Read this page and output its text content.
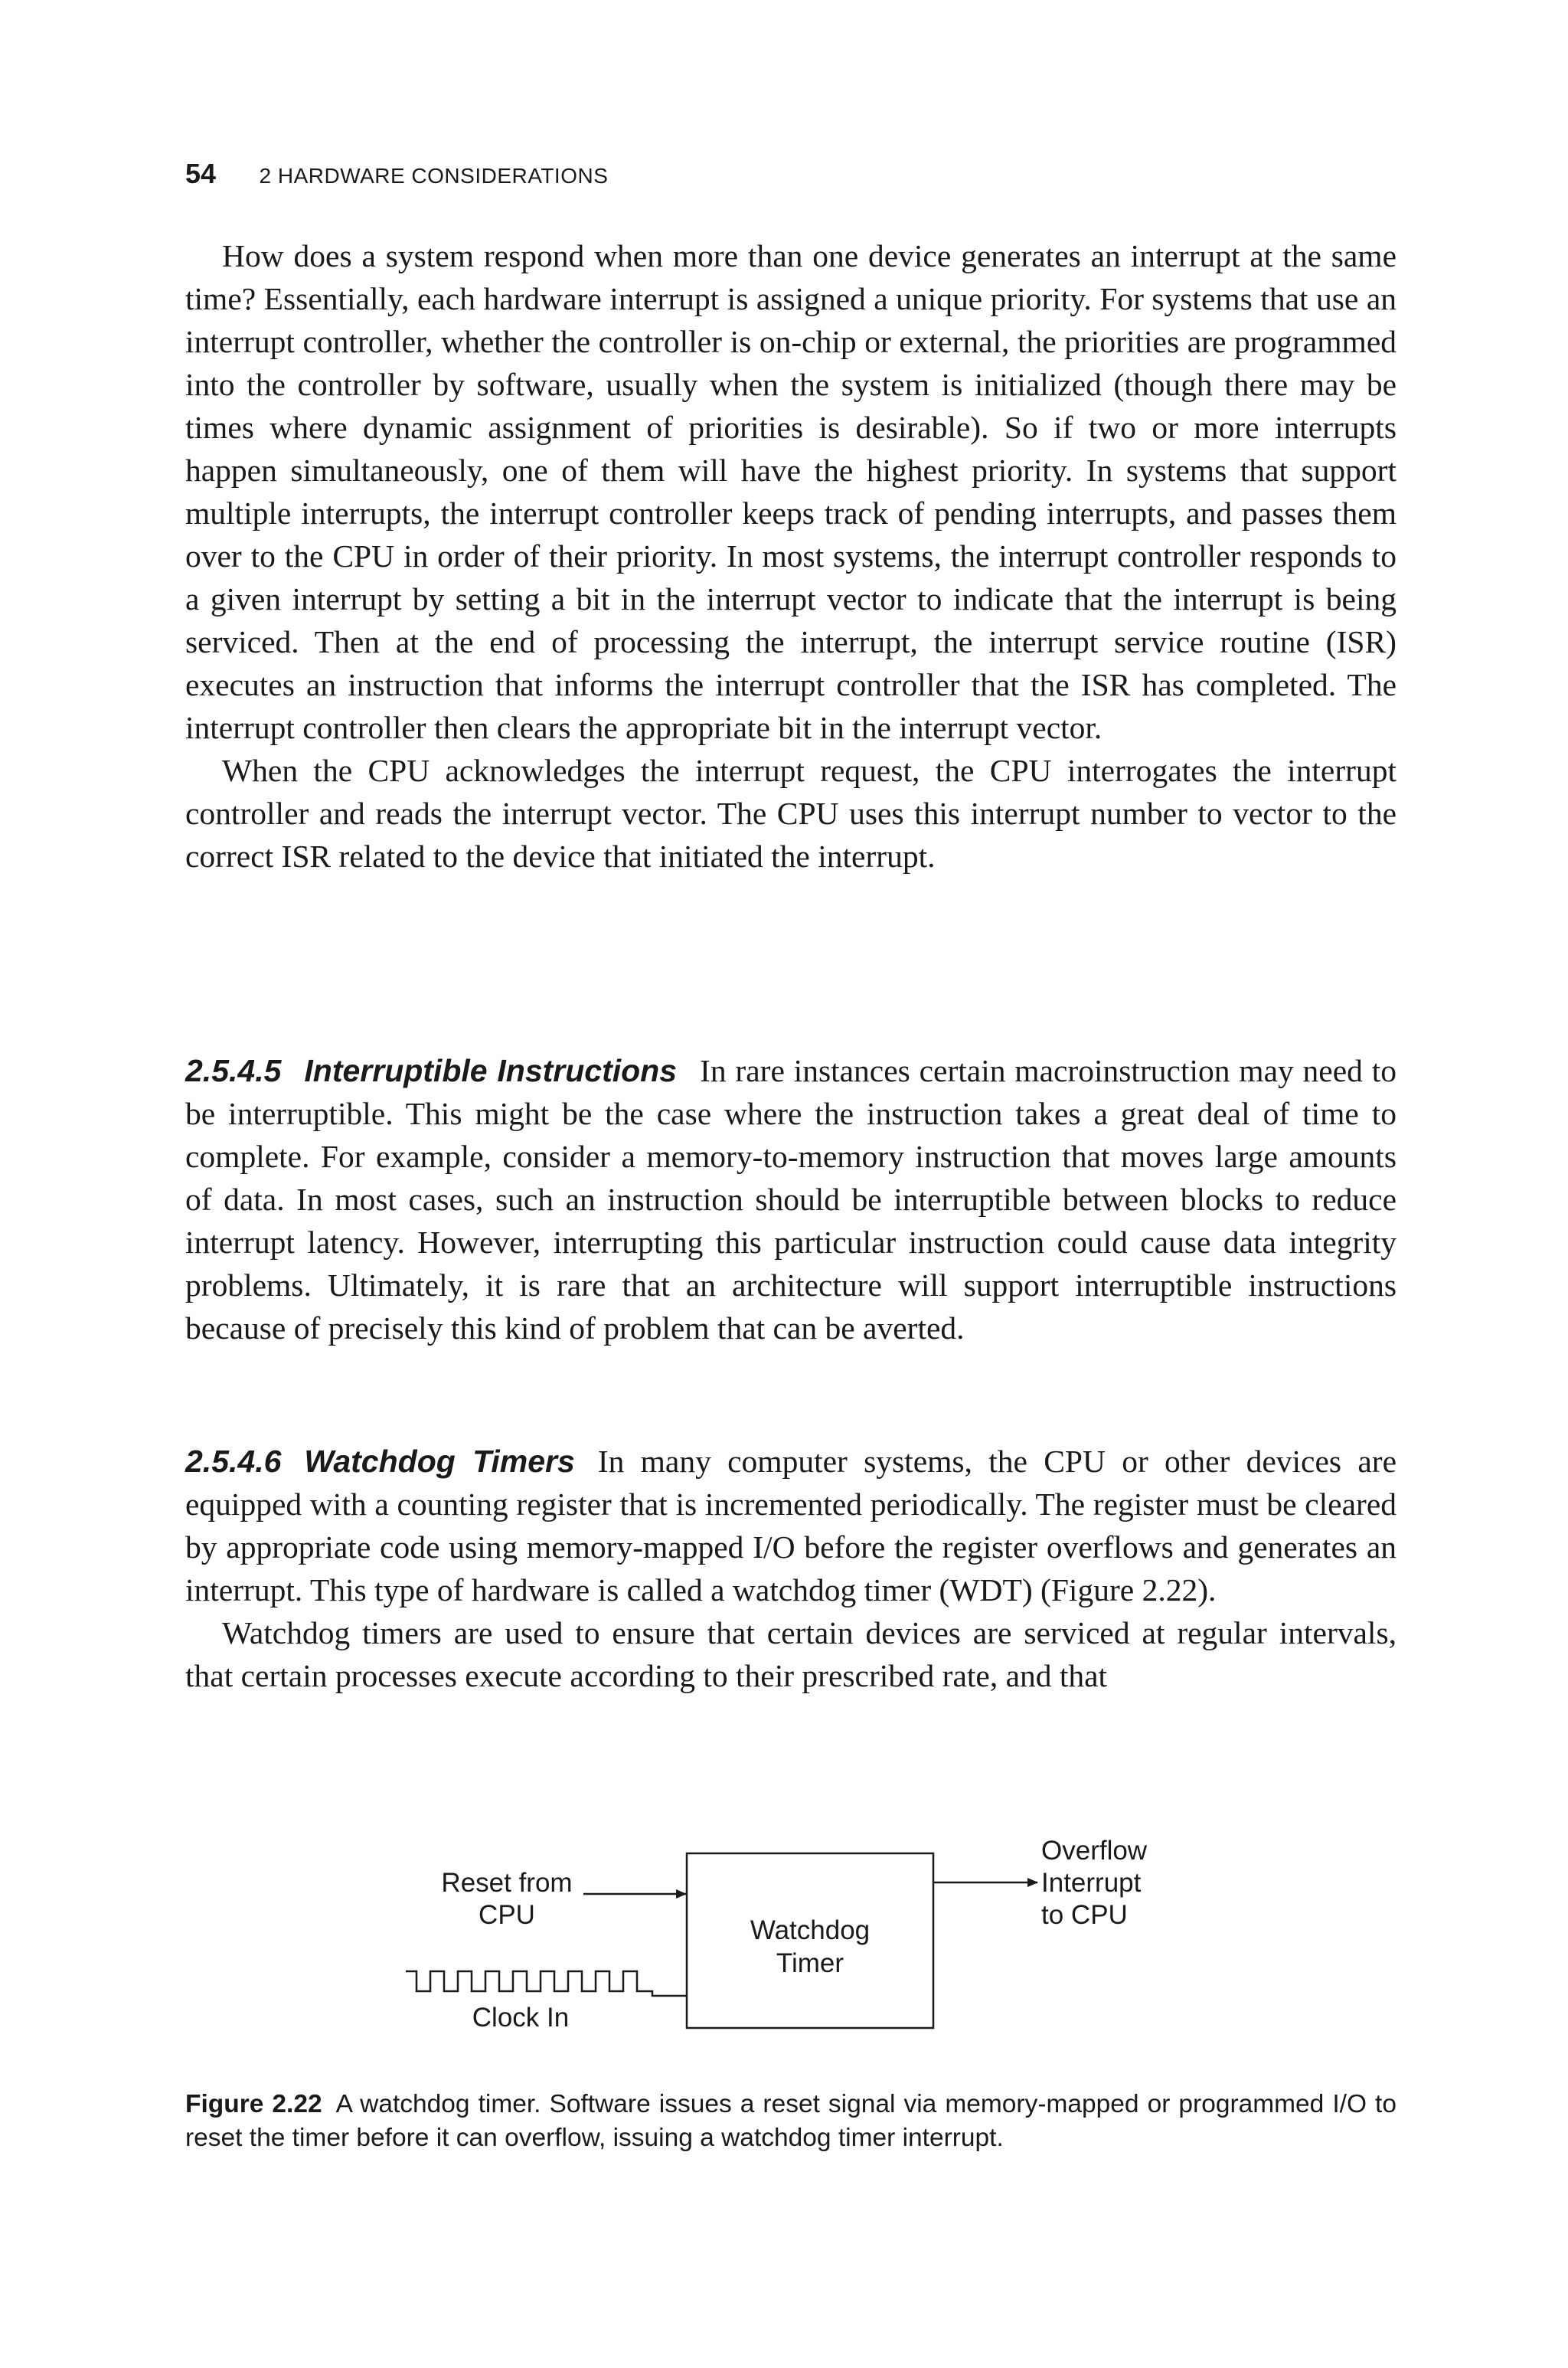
54 2 HARDWARE CONSIDERATIONS

How does a system respond when more than one device generates an interrupt at the same time? Essentially, each hardware interrupt is assigned a unique priority. For systems that use an interrupt controller, whether the controller is on-chip or external, the priorities are programmed into the controller by software, usually when the system is initialized (though there may be times where dynamic assignment of priorities is desirable). So if two or more interrupts happen simultaneously, one of them will have the highest priority. In systems that support multiple interrupts, the interrupt controller keeps track of pending interrupts, and passes them over to the CPU in order of their priority. In most systems, the interrupt controller responds to a given interrupt by setting a bit in the interrupt vector to indicate that the interrupt is being serviced. Then at the end of processing the interrupt, the interrupt service routine (ISR) executes an instruction that informs the interrupt controller that the ISR has completed. The interrupt controller then clears the appropriate bit in the interrupt vector.

When the CPU acknowledges the interrupt request, the CPU interrogates the interrupt controller and reads the interrupt vector. The CPU uses this interrupt number to vector to the correct ISR related to the device that initiated the interrupt.

2.5.4.5 Interruptible Instructions In rare instances certain macroinstruction may need to be interruptible. This might be the case where the instruction takes a great deal of time to complete. For example, consider a memory-to-memory instruction that moves large amounts of data. In most cases, such an instruction should be interruptible between blocks to reduce interrupt latency. However, interrupting this particular instruction could cause data integrity problems. Ultimately, it is rare that an architecture will support interruptible instructions because of precisely this kind of problem that can be averted.

2.5.4.6 Watchdog Timers In many computer systems, the CPU or other devices are equipped with a counting register that is incremented periodically. The register must be cleared by appropriate code using memory-mapped I/O before the register overflows and generates an interrupt. This type of hardware is called a watchdog timer (WDT) (Figure 2.22).

Watchdog timers are used to ensure that certain devices are serviced at regular intervals, that certain processes execute according to their prescribed rate, and that

Watchdog
Timer
Reset from
CPU
Overflow
Interrupt
to CPU
Clock In
Figure 2.22 A watchdog timer. Software issues a reset signal via memory-mapped or programmed I/O to reset the timer before it can overflow, issuing a watchdog timer interrupt.
